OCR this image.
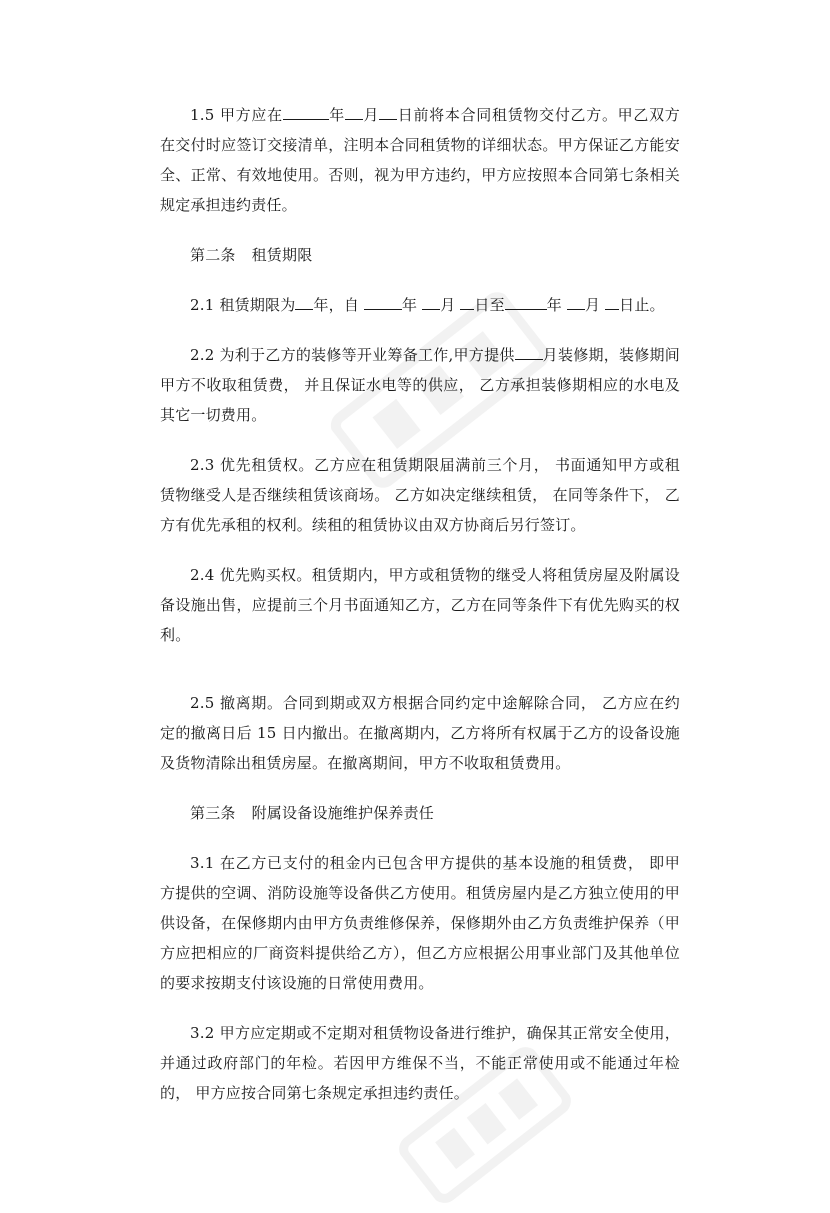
1.5 甲方应在	年 月 日前将本合同租赁物交付乙方。甲乙双方在交付时应签订交接清单，注明本合同租赁物的详细状态。甲方保证乙方能安全、正常、有效地使用。否则，视为甲方违约，甲方应按照本合同第七条相关规定承担违约责任。

第二条 租赁期限

2.1 租赁期限为 年，自	年 月 日至	年 月 日止。

2.2 为利于乙方的装修等开业筹备工作,甲方提供 月装修期，装修期间甲方不收取租赁费， 并且保证水电等的供应， 乙方承担装修期相应的水电及其它一切费用。

2.3 优先租赁权。乙方应在租赁期限届满前三个月， 书面通知甲方或租赁物继受人是否继续租赁该商场。 乙方如决定继续租赁， 在同等条件下， 乙方有优先承租的权利。续租的租赁协议由双方协商后另行签订。

2.4 优先购买权。租赁期内，甲方或租赁物的继受人将租赁房屋及附属设备设施出售，应提前三个月书面通知乙方，乙方在同等条件下有优先购买的权利。

2.5 撤离期。合同到期或双方根据合同约定中途解除合同， 乙方应在约定的撤离日后 15 日内撤出。在撤离期内，乙方将所有权属于乙方的设备设施及货物清除出租赁房屋。在撤离期间，甲方不收取租赁费用。

第三条 附属设备设施维护保养责任

3.1 在乙方已支付的租金内已包含甲方提供的基本设施的租赁费， 即甲方提供的空调、消防设施等设备供乙方使用。租赁房屋内是乙方独立使用的甲供设备，在保修期内由甲方负责维修保养，保修期外由乙方负责维护保养（甲方应把相应的厂商资料提供给乙方），但乙方应根据公用事业部门及其他单位的要求按期支付该设施的日常使用费用。

3.2 甲方应定期或不定期对租赁物设备进行维护，确保其正常安全使用， 并通过政府部门的年检。若因甲方维保不当，不能正常使用或不能通过年检的， 甲方应按合同第七条规定承担违约责任。
